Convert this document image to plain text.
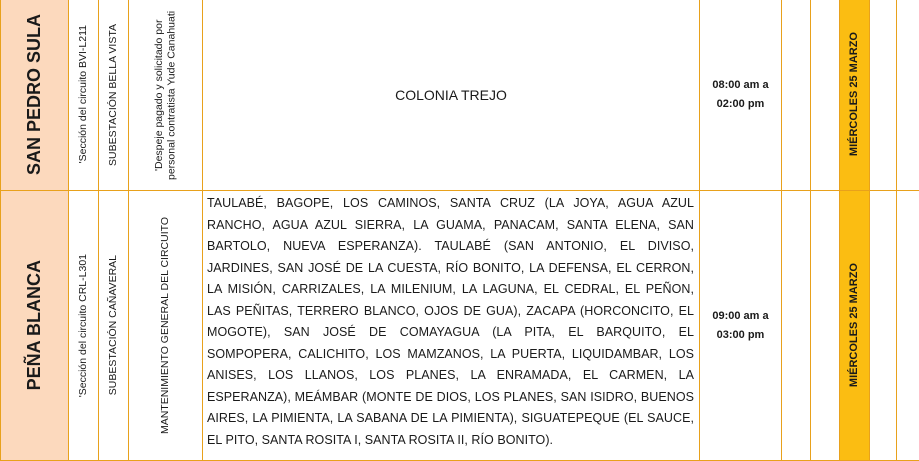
SAN PEDRO SULA	'Sección del circuito BVI-L211	SUBESTACIÓN BELLA VISTA	'Despeje pagado y solicitado por personal contratista Yude Canahuati	COLONIA TREJO	08:00 am a
02:00 pm			MIÉRCOLES 25 MARZO				

PEÑA BLANCA	'Sección del circuito CRL-L301	SUBESTACIÓN CAÑAVERAL	MANTENIMIENTO GENERAL DEL CIRCUITO	TAULABÉ, BAGOPE, LOS CAMINOS, SANTA CRUZ (LA JOYA, AGUA AZUL RANCHO, AGUA AZUL SIERRA, LA GUAMA, PANACAM, SANTA ELENA, SAN BARTOLO, NUEVA ESPERANZA). TAULABÉ (SAN ANTONIO, EL DIVISO, JARDINES, SAN JOSÉ DE LA CUESTA, RÍO BONITO, LA DEFENSA, EL CERRON, LA MISIÓN, CARRIZALES, LA MILENIUM, LA LAGUNA, EL CEDRAL, EL PEÑON, LAS PEÑITAS, TERRERO BLANCO, OJOS DE GUA), ZACAPA (HORCONCITO, EL MOGOTE), SAN JOSÉ DE COMAYAGUA (LA PITA, EL BARQUITO, EL SOMPOPERA, CALICHITO, LOS MAMZANOS, LA PUERTA, LIQUIDAMBAR, LOS ANISES, LOS LLANOS, LOS PLANES, LA ENRAMADA, EL CARMEN, LA ESPERANZA), MEÁMBAR (MONTE DE DIOS, LOS PLANES, SAN ISIDRO, BUENOS AIRES, LA PIMIENTA, LA SABANA DE LA PIMIENTA), SIGUATEPEQUE (EL SAUCE, EL PITO, SANTA ROSITA I, SANTA ROSITA II, RÍO BONITO).	09:00 am a
03:00 pm			MIÉRCOLES 25 MARZO				
